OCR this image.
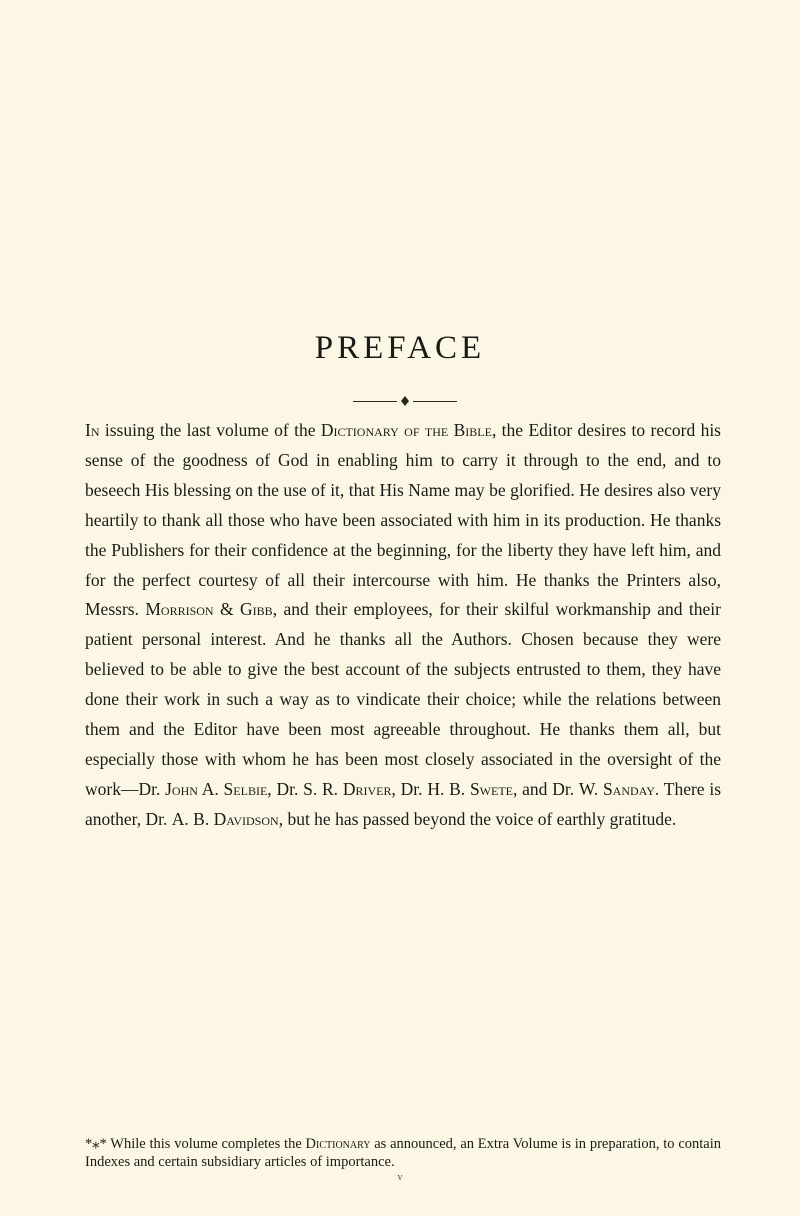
PREFACE

In issuing the last volume of the Dictionary of the Bible, the Editor desires to record his sense of the goodness of God in enabling him to carry it through to the end, and to beseech His blessing on the use of it, that His Name may be glorified. He desires also very heartily to thank all those who have been associated with him in its production. He thanks the Publishers for their confidence at the beginning, for the liberty they have left him, and for the perfect courtesy of all their intercourse with him. He thanks the Printers also, Messrs. Morrison & Gibb, and their employees, for their skilful workmanship and their patient personal interest. And he thanks all the Authors. Chosen because they were believed to be able to give the best account of the subjects entrusted to them, they have done their work in such a way as to vindicate their choice; while the relations between them and the Editor have been most agreeable throughout. He thanks them all, but especially those with whom he has been most closely associated in the oversight of the work—Dr. John A. Selbie, Dr. S. R. Driver, Dr. H. B. Swete, and Dr. W. Sanday. There is another, Dr. A. B. Davidson, but he has passed beyond the voice of earthly gratitude.

*⁎* While this volume completes the Dictionary as announced, an Extra Volume is in preparation, to contain Indexes and certain subsidiary articles of importance.

v
